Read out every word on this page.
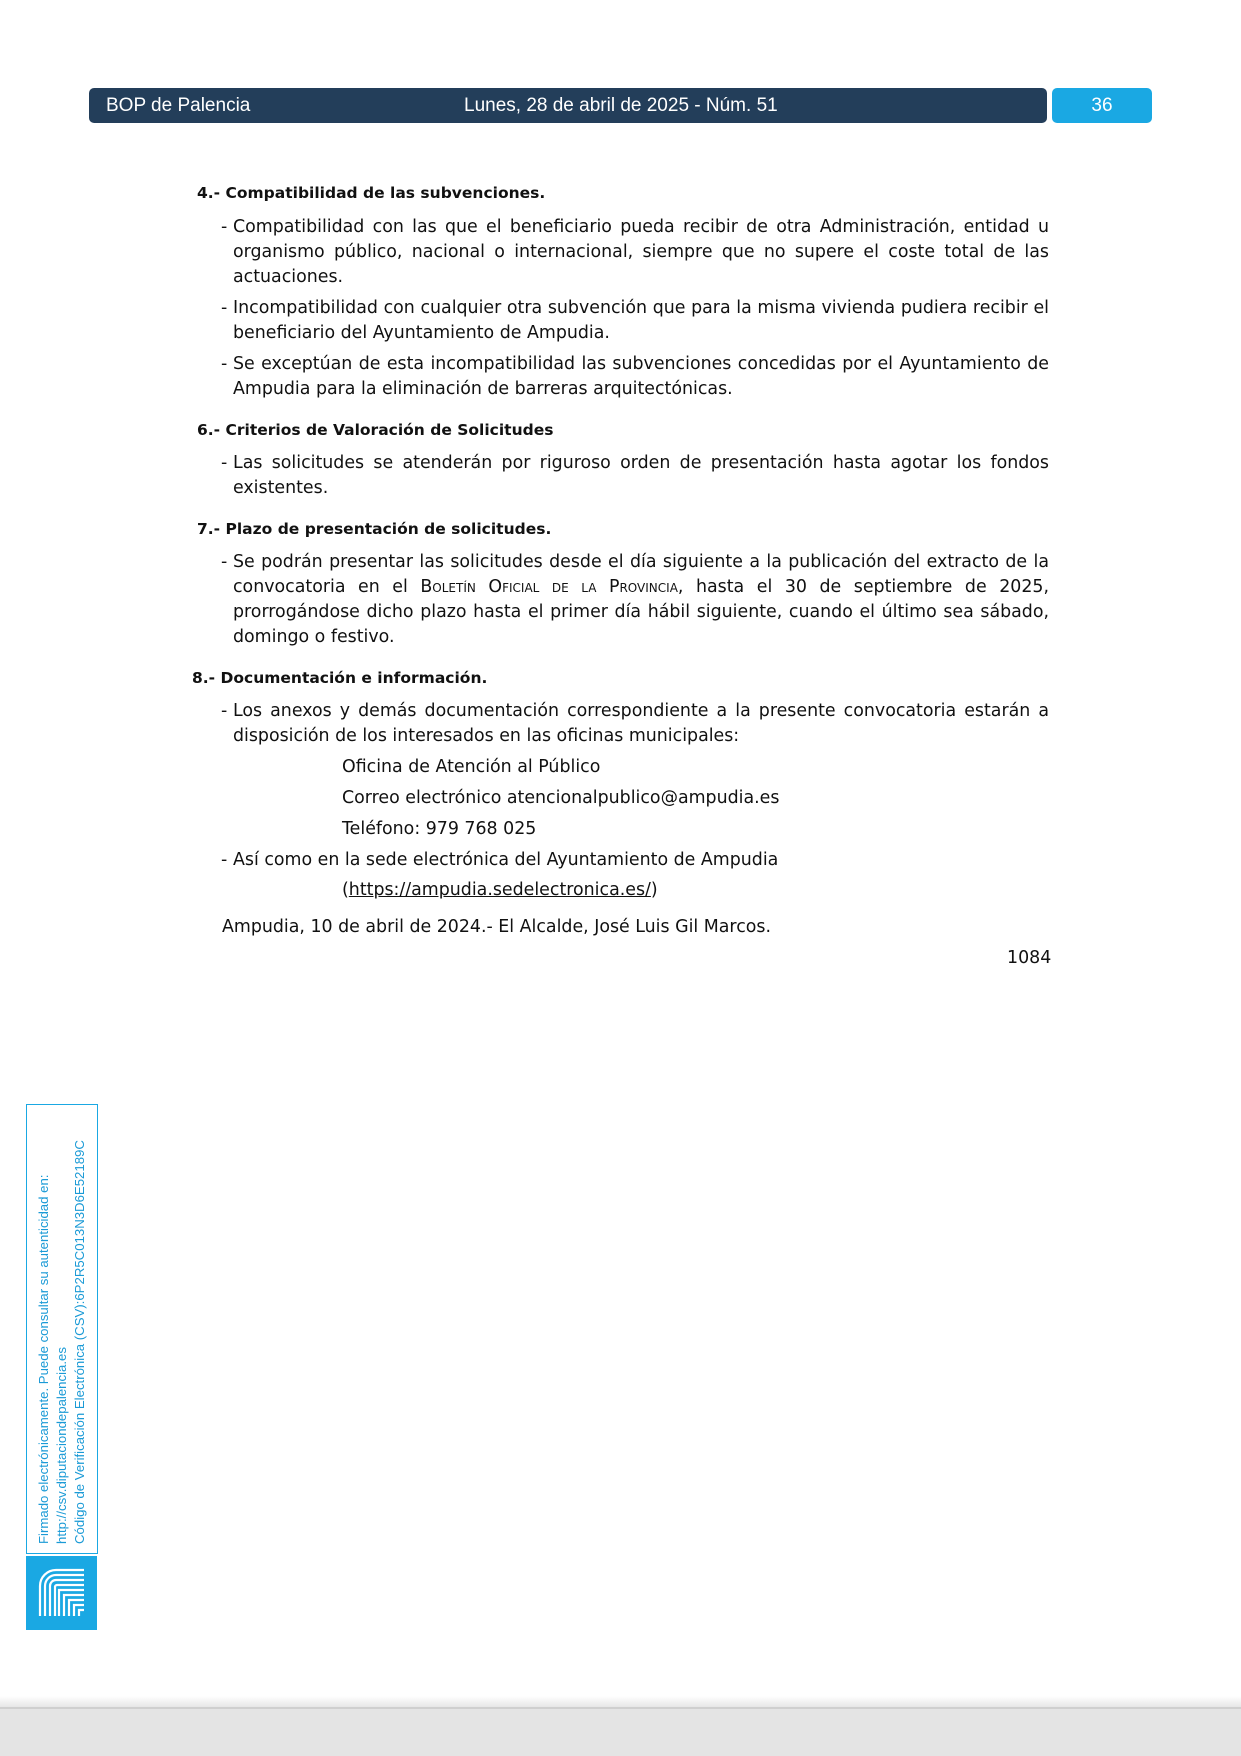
BOP de Palencia	Lunes, 28 de abril de 2025 - Núm. 51	36
4.- Compatibilidad de las subvenciones.
- Compatibilidad con las que el beneficiario pueda recibir de otra Administración, entidad u organismo público, nacional o internacional, siempre que no supere el coste total de las actuaciones.
- Incompatibilidad con cualquier otra subvención que para la misma vivienda pudiera recibir el beneficiario del Ayuntamiento de Ampudia.
- Se exceptúan de esta incompatibilidad las subvenciones concedidas por el Ayuntamiento de Ampudia para la eliminación de barreras arquitectónicas.
6.- Criterios de Valoración de Solicitudes
- Las solicitudes se atenderán por riguroso orden de presentación hasta agotar los fondos existentes.
7.- Plazo de presentación de solicitudes.
- Se podrán presentar las solicitudes desde el día siguiente a la publicación del extracto de la convocatoria en el Boletín Oficial de la Provincia, hasta el 30 de septiembre de 2025, prorrogándose dicho plazo hasta el primer día hábil siguiente, cuando el último sea sábado, domingo o festivo.
8.- Documentación e información.
- Los anexos y demás documentación correspondiente a la presente convocatoria estarán a disposición de los interesados en las oficinas municipales:
Oficina de Atención al Público
Correo electrónico atencionalpublico@ampudia.es
Teléfono: 979 768 025
- Así como en la sede electrónica del Ayuntamiento de Ampudia
(https://ampudia.sedelectronica.es/)
Ampudia, 10 de abril de 2024.- El Alcalde, José Luis Gil Marcos.
1084
Firmado electrónicamente. Puede consultar su autenticidad en: http://csv.diputaciondepalencia.es Código de Verificación Electrónica (CSV):6P2R5C013N3D6E52189C
